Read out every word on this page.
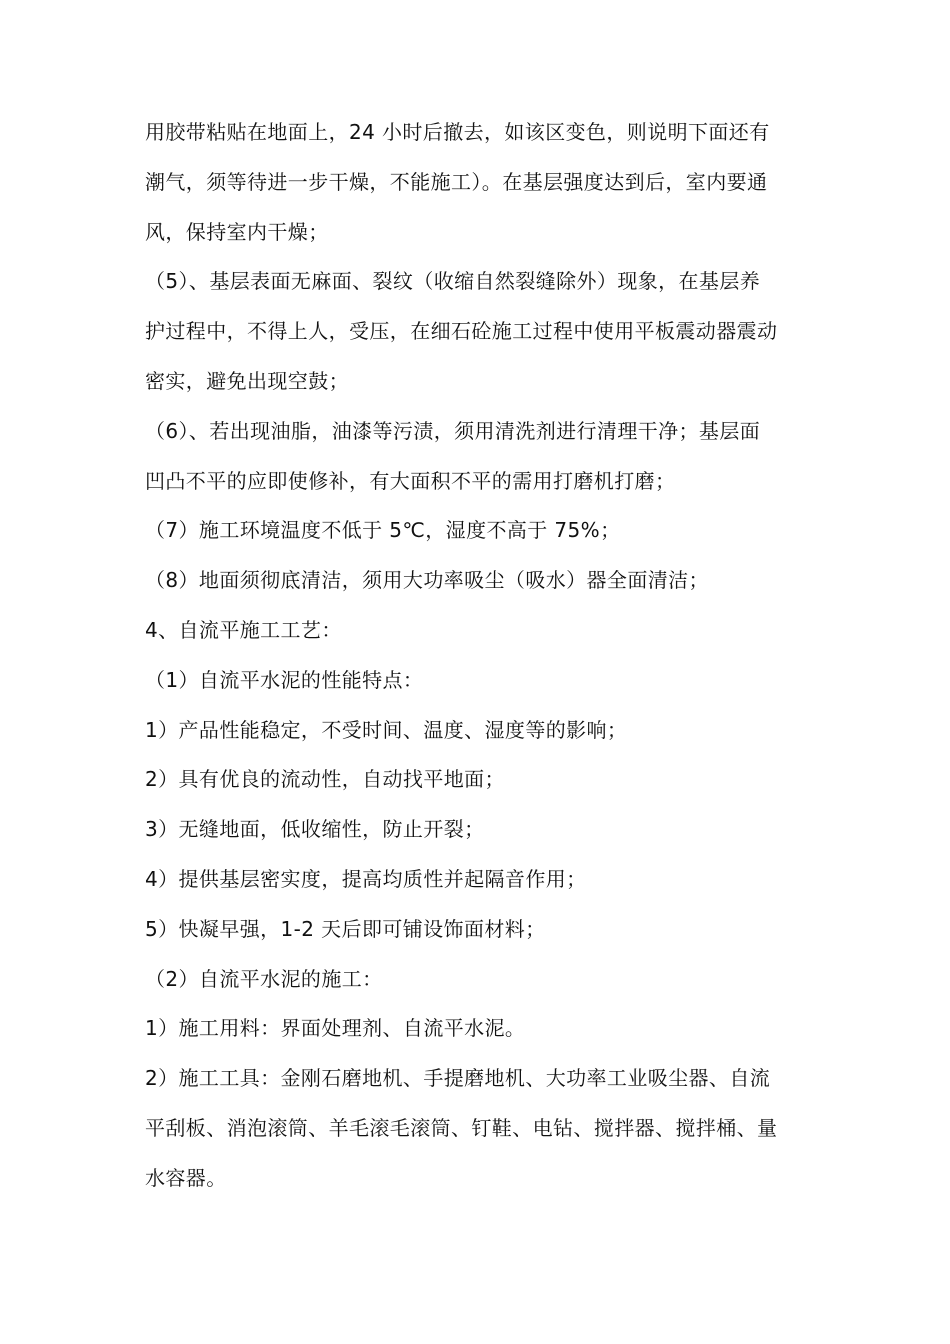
用胶带粘贴在地面上，24 小时后撤去，如该区变色，则说明下面还有
潮气，须等待进一步干燥，不能施工）。在基层强度达到后，室内要通
风，保持室内干燥；
（5）、基层表面无麻面、裂纹（收缩自然裂缝除外）现象，在基层养
护过程中，不得上人，受压，在细石砼施工过程中使用平板震动器震动
密实，避免出现空鼓；
（6）、若出现油脂，油漆等污渍，须用清洗剂进行清理干净；基层面
凹凸不平的应即使修补，有大面积不平的需用打磨机打磨；
（7）施工环境温度不低于 5℃，湿度不高于 75%；
（8）地面须彻底清洁，须用大功率吸尘（吸水）器全面清洁；
4、自流平施工工艺：
（1）自流平水泥的性能特点：
1）产品性能稳定，不受时间、温度、湿度等的影响；
2）具有优良的流动性，自动找平地面；
3）无缝地面，低收缩性，防止开裂；
4）提供基层密实度，提高均质性并起隔音作用；
5）快凝早强，1-2 天后即可铺设饰面材料；
（2）自流平水泥的施工：
1）施工用料：界面处理剂、自流平水泥。
2）施工工具：金刚石磨地机、手提磨地机、大功率工业吸尘器、自流
平刮板、消泡滚筒、羊毛滚毛滚筒、钉鞋、电钻、搅拌器、搅拌桶、量
水容器。
